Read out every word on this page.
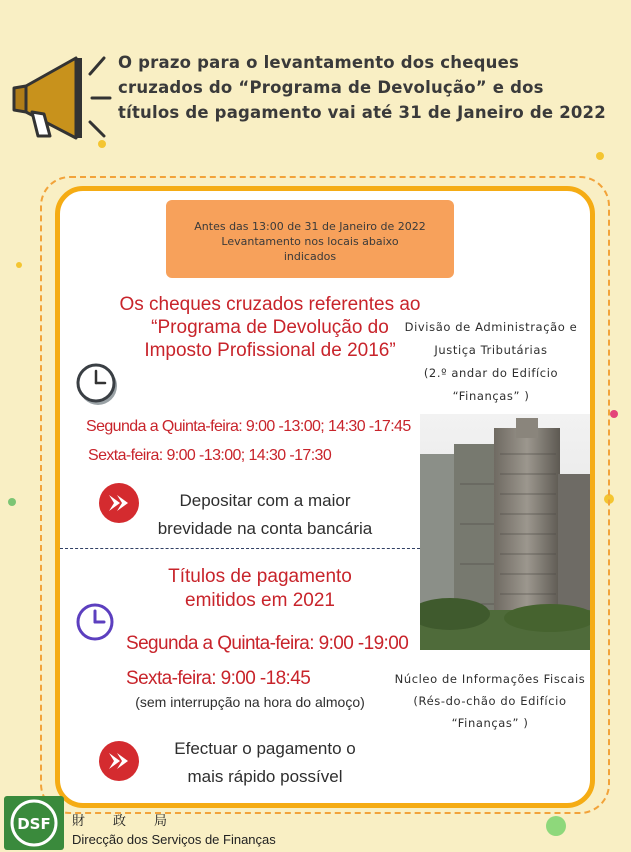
O prazo para o levantamento dos cheques
cruzados do “Programa de Devolução” e dos
títulos de pagamento vai até 31 de Janeiro de 2022
Antes das 13:00 de 31 de Janeiro de 2022
Levantamento nos locais abaixo
indicados
Os cheques cruzados referentes ao
“Programa de Devolução do
Imposto Profissional de 2016”
Segunda a Quinta-feira: 9:00 -13:00; 14:30 -17:45
Sexta-feira: 9:00 -13:00; 14:30 -17:30
Depositar com a maior
brevidade na conta bancária
Divisão de Administração e
Justiça Tributárias
(2.º andar do Edifício
“Finanças” )
Títulos de pagamento
emitidos em 2021
Segunda a Quinta-feira: 9:00 -19:00
Sexta-feira: 9:00 -18:45
(sem interrupção na hora do almoço)
Efectuar o pagamento o
mais rápido possível
Núcleo de Informações Fiscais
(Rés-do-chão do Edifício
“Finanças” )
DSF 財政局
Direcção dos Serviços de Finanças
